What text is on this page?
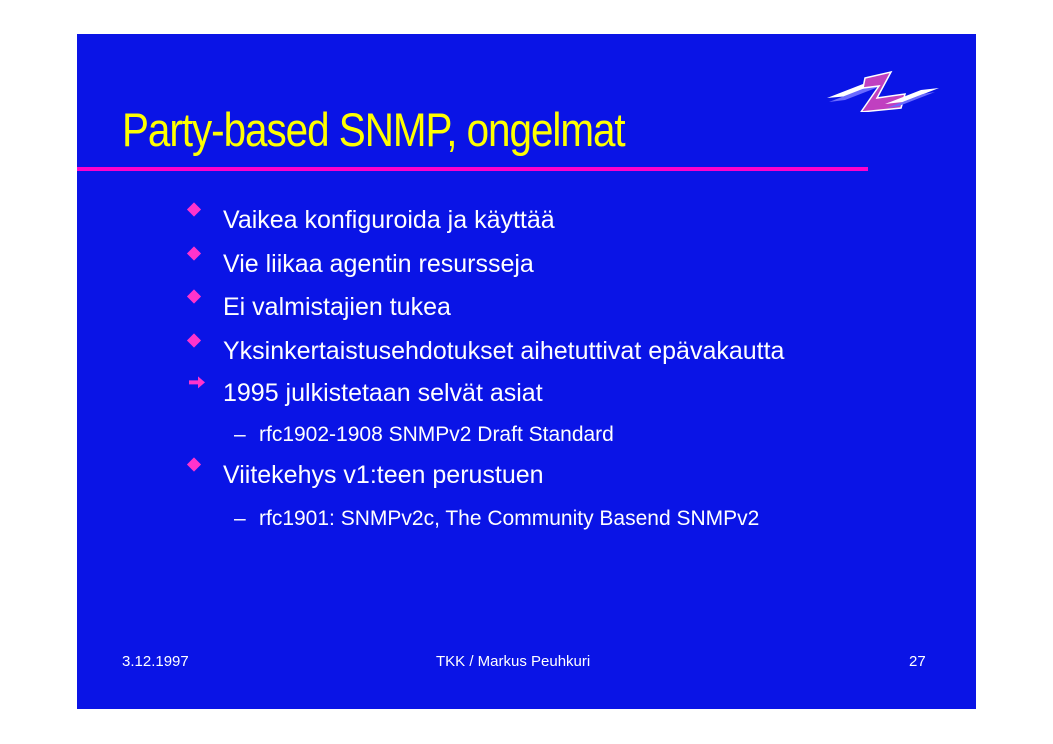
Party-based SNMP, ongelmat
Vaikea konfiguroida ja käyttää
Vie liikaa agentin resursseja
Ei valmistajien tukea
Yksinkertaistusehdotukset aihetuttivat epävakautta
1995 julkistetaan selvät asiat
– rfc1902-1908 SNMPv2 Draft Standard
Viitekehys v1:teen perustuen
– rfc1901: SNMPv2c, The Community Basend SNMPv2
3.12.1997	TKK / Markus Peuhkuri	27
